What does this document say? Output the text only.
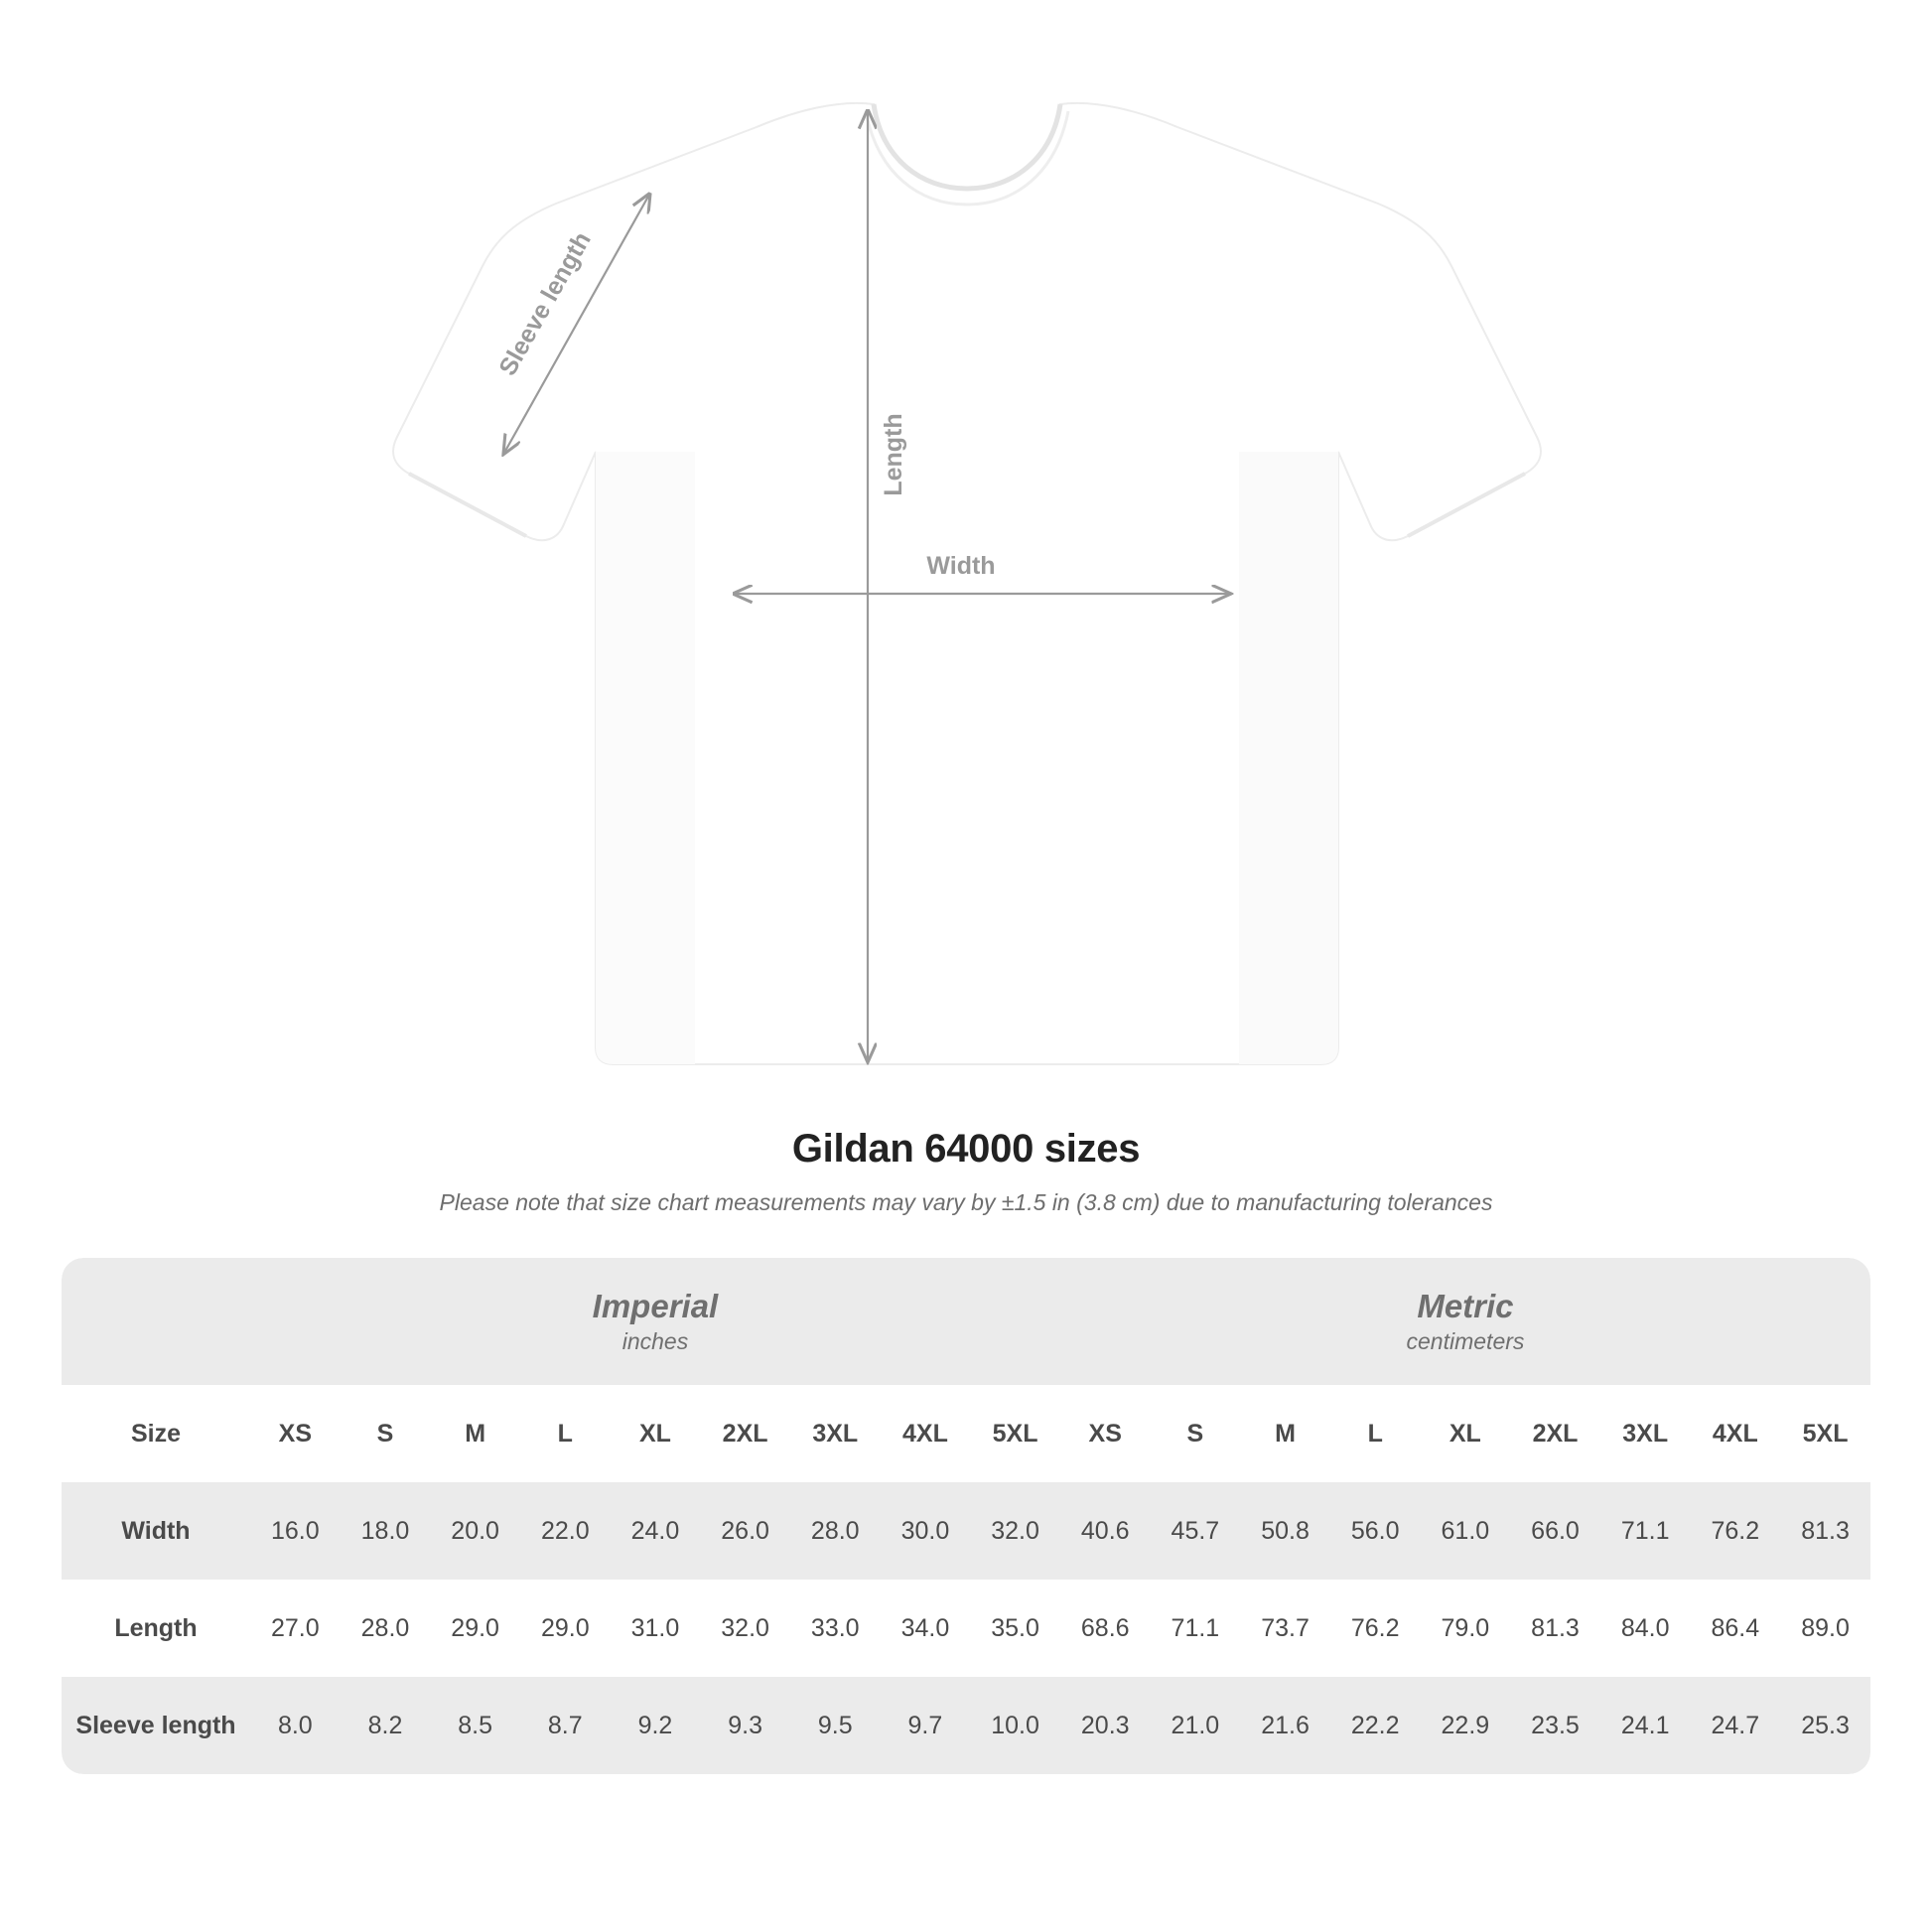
Length
Width
Sleeve length
Gildan 64000 sizes
Please note that size chart measurements may vary by ±1.5 in (3.8 cm) due to manufacturing tolerances

Imperial
inches

Metric
centimeters

Size	XS	S	M	L	XL	2XL	3XL	4XL	5XL	XS	S	M	L	XL	2XL	3XL	4XL	5XL
Width	16.0	18.0	20.0	22.0	24.0	26.0	28.0	30.0	32.0	40.6	45.7	50.8	56.0	61.0	66.0	71.1	76.2	81.3
Length	27.0	28.0	29.0	29.0	31.0	32.0	33.0	34.0	35.0	68.6	71.1	73.7	76.2	79.0	81.3	84.0	86.4	89.0
Sleeve length	8.0	8.2	8.5	8.7	9.2	9.3	9.5	9.7	10.0	20.3	21.0	21.6	22.2	22.9	23.5	24.1	24.7	25.3
